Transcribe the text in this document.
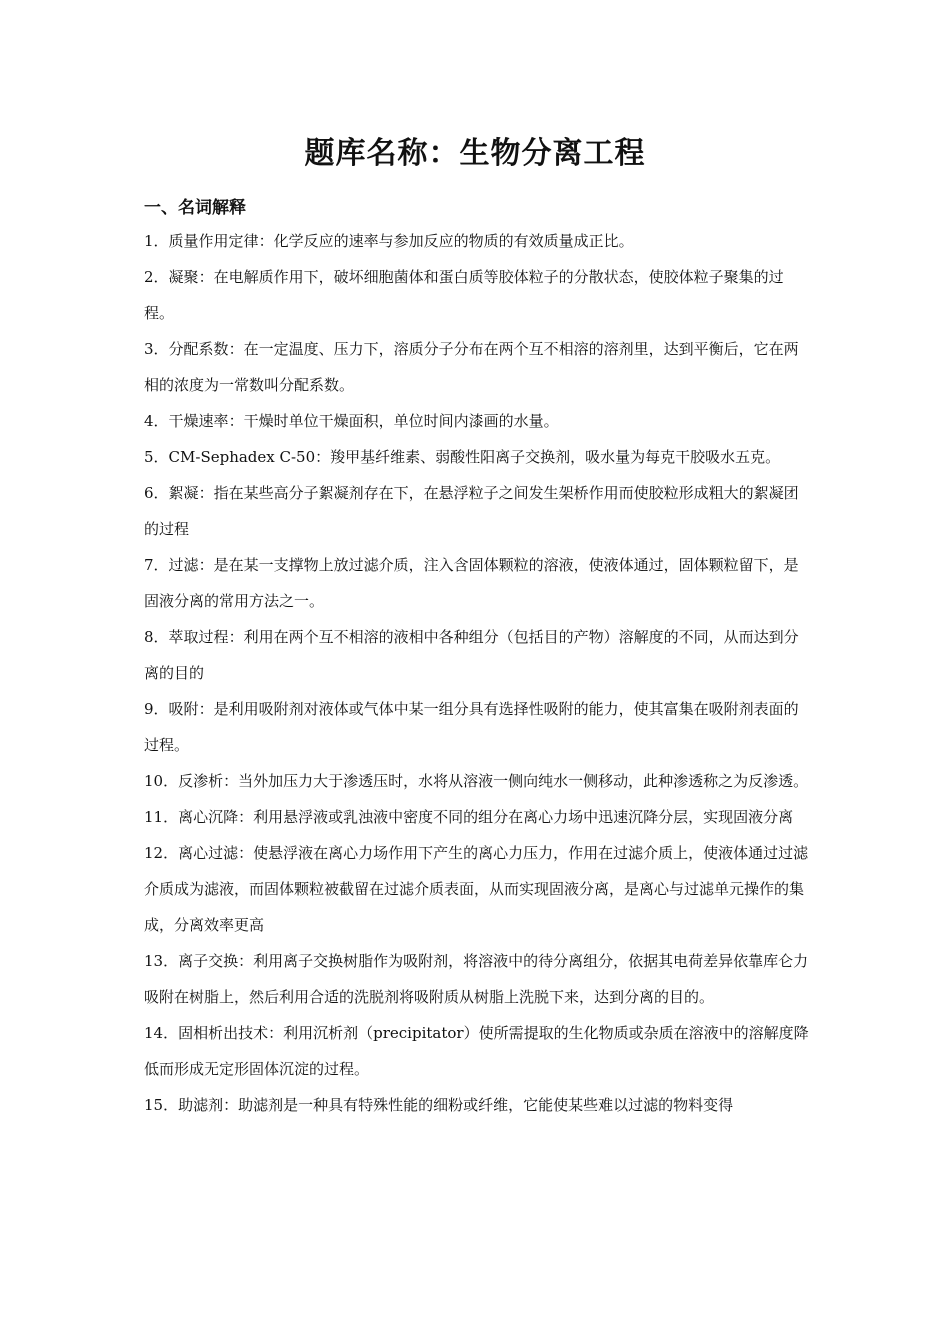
题库名称：生物分离工程
一、名词解释

1．质量作用定律：化学反应的速率与参加反应的物质的有效质量成正比。

2．凝聚：在电解质作用下，破坏细胞菌体和蛋白质等胶体粒子的分散状态，使胶体粒子聚集的过程。

3．分配系数：在一定温度、压力下，溶质分子分布在两个互不相溶的溶剂里，达到平衡后，它在两相的浓度为一常数叫分配系数。

4．干燥速率：干燥时单位干燥面积，单位时间内漆画的水量。

5．CM-Sephadex C-50：羧甲基纤维素、弱酸性阳离子交换剂，吸水量为每克干胶吸水五克。

6．絮凝：指在某些高分子絮凝剂存在下，在悬浮粒子之间发生架桥作用而使胶粒形成粗大的絮凝团的过程

7．过滤：是在某一支撑物上放过滤介质，注入含固体颗粒的溶液，使液体通过，固体颗粒留下，是固液分离的常用方法之一。

8．萃取过程：利用在两个互不相溶的液相中各种组分（包括目的产物）溶解度的不同，从而达到分离的目的

9．吸附：是利用吸附剂对液体或气体中某一组分具有选择性吸附的能力，使其富集在吸附剂表面的过程。

10．反渗析：当外加压力大于渗透压时，水将从溶液一侧向纯水一侧移动，此种渗透称之为反渗透。

11．离心沉降：利用悬浮液或乳浊液中密度不同的组分在离心力场中迅速沉降分层，实现固液分离

12．离心过滤：使悬浮液在离心力场作用下产生的离心力压力，作用在过滤介质上，使液体通过过滤介质成为滤液，而固体颗粒被截留在过滤介质表面，从而实现固液分离，是离心与过滤单元操作的集成，分离效率更高

13．离子交换：利用离子交换树脂作为吸附剂，将溶液中的待分离组分，依据其电荷差异依靠库仑力吸附在树脂上，然后利用合适的洗脱剂将吸附质从树脂上洗脱下来，达到分离的目的。

14．固相析出技术：利用沉析剂（precipitator）使所需提取的生化物质或杂质在溶液中的溶解度降低而形成无定形固体沉淀的过程。

15．助滤剂：助滤剂是一种具有特殊性能的细粉或纤维，它能使某些难以过滤的物料变得
